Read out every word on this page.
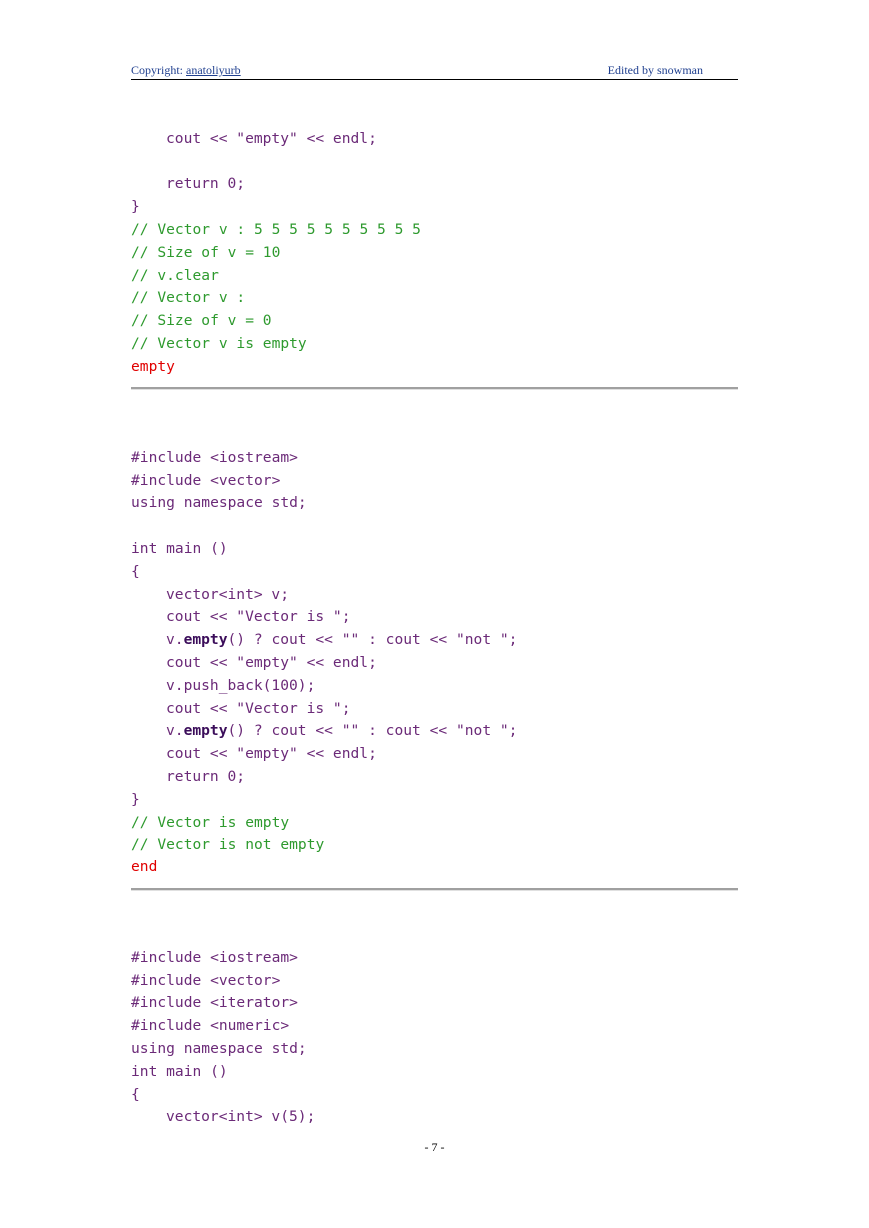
Copyright: anatoliyurb	Edited by snowman

cout << "empty" << endl;
return 0;
}
// Vector v : 5 5 5 5 5 5 5 5 5 5
// Size of v = 10
// v.clear
// Vector v :
// Size of v = 0
// Vector v is empty

empty

#include <iostream>
#include <vector>
using namespace std;
int main ()
{
vector<int> v;
cout << "Vector is ";
v.empty() ? cout << "" : cout << "not ";
cout << "empty" << endl;
v.push_back(100);
cout << "Vector is ";
v.empty() ? cout << "" : cout << "not ";
cout << "empty" << endl;
return 0;
}
// Vector is empty
// Vector is not empty

end

#include <iostream>
#include <vector>
#include <iterator>
#include <numeric>
using namespace std;
int main ()
{
vector<int> v(5);

- 7 -
